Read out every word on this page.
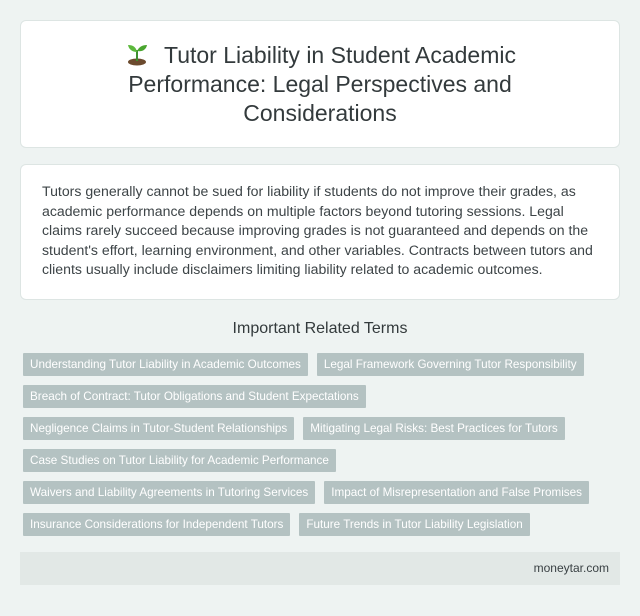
Tutor Liability in Student Academic Performance: Legal Perspectives and Considerations

Tutors generally cannot be sued for liability if students do not improve their grades, as academic performance depends on multiple factors beyond tutoring sessions. Legal claims rarely succeed because improving grades is not guaranteed and depends on the student's effort, learning environment, and other variables. Contracts between tutors and clients usually include disclaimers limiting liability related to academic outcomes.

Important Related Terms
Understanding Tutor Liability in Academic Outcomes	Legal Framework Governing Tutor Responsibility
Breach of Contract: Tutor Obligations and Student Expectations
Negligence Claims in Tutor-Student Relationships	Mitigating Legal Risks: Best Practices for Tutors
Case Studies on Tutor Liability for Academic Performance
Waivers and Liability Agreements in Tutoring Services	Impact of Misrepresentation and False Promises
Insurance Considerations for Independent Tutors	Future Trends in Tutor Liability Legislation
moneytar.com
